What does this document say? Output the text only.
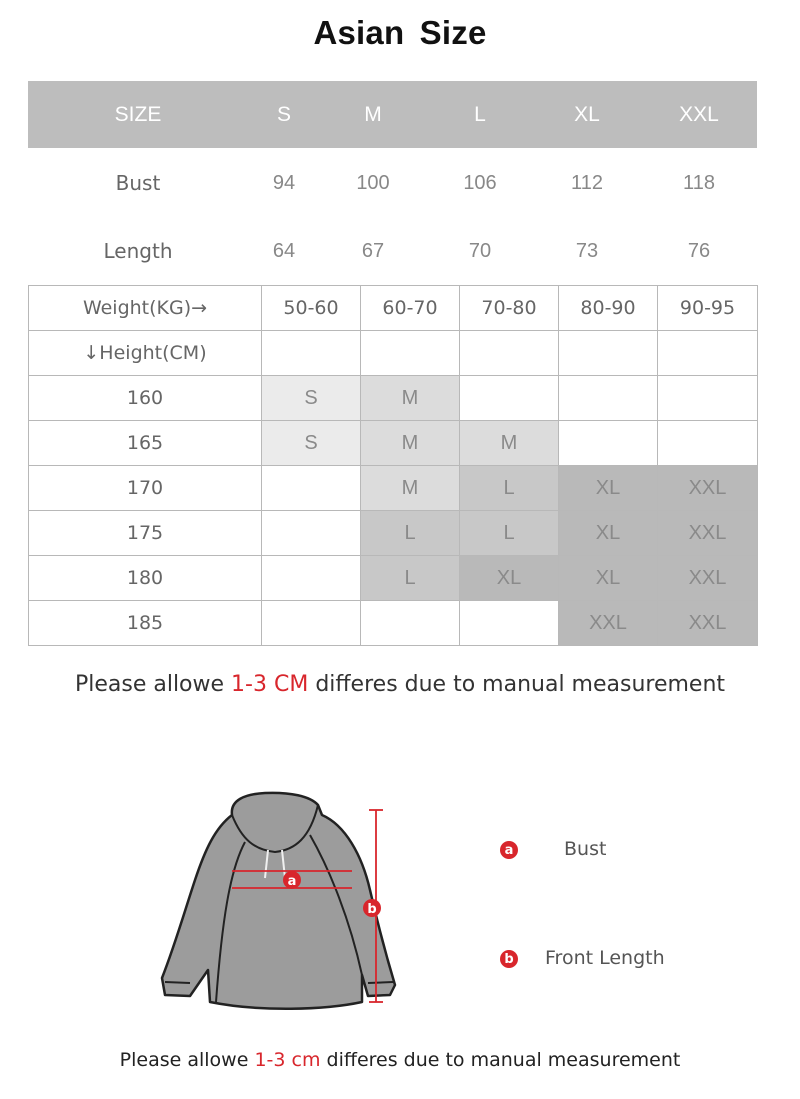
Asian Size
SIZE	S	M	L	XL	XXL
Bust	94	100	106	112	118
Length	64	67	70	73	76
Weight(KG)→	50-60	60-70	70-80	80-90	90-95
↓Height(CM)					
160	S	M			
165	S	M	M		
170		M	L	XL	XXL
175		L	L	XL	XXL
180		L	XL	XL	XXL
185				XXL	XXL
Please allowe 1-3 CM differes due to manual measurement
a
b
a	Bust
b Front Length
Please allowe 1-3 cm differes due to manual measurement
